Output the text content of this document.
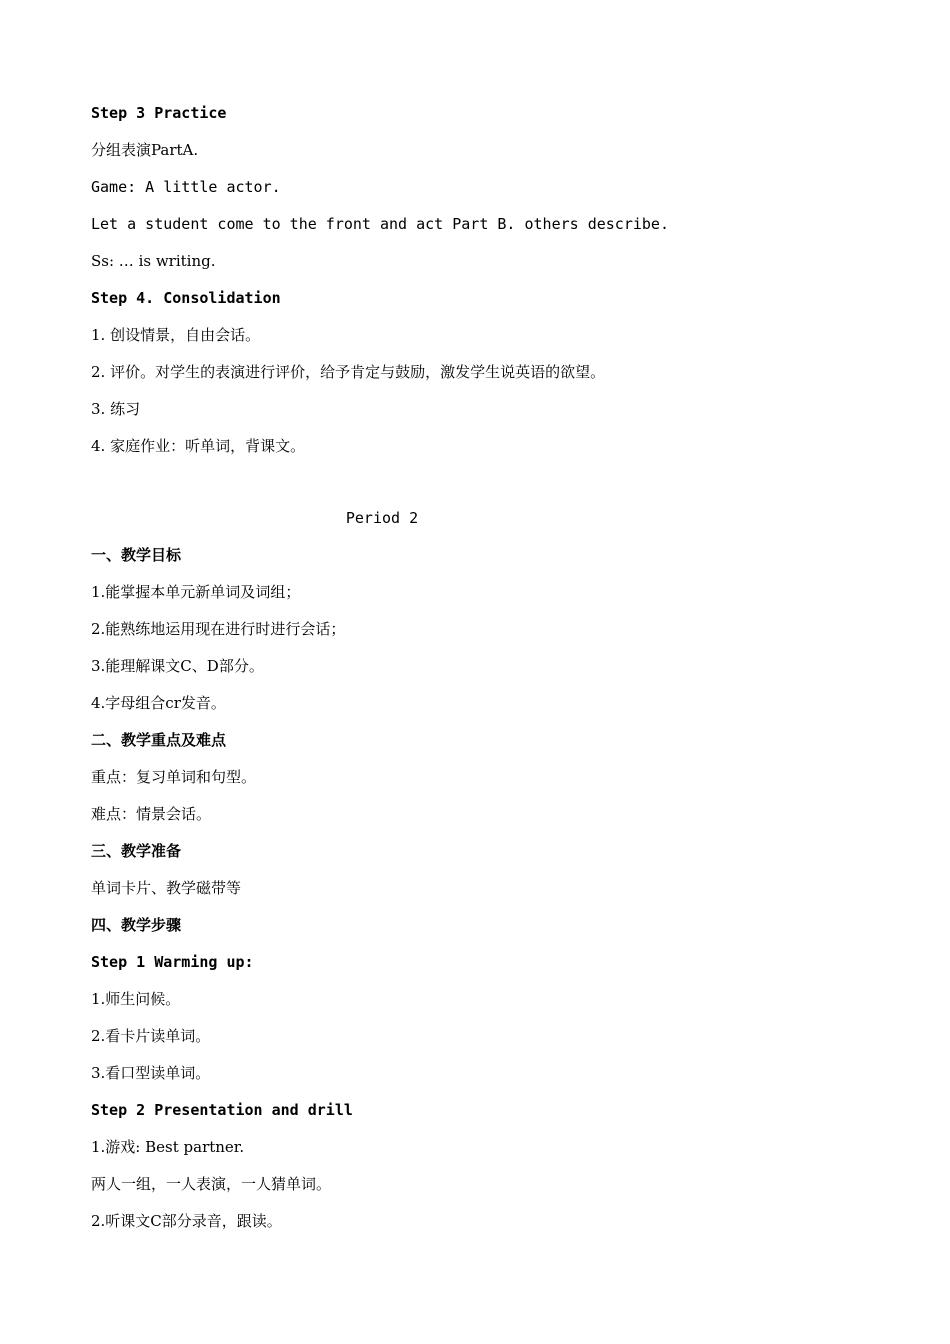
Step 3 Practice
分组表演PartA.
Game: A little actor.
Let a student come to the front and act Part B. others describe.
Ss: … is writing.
Step 4. Consolidation
1. 创设情景，自由会话。
2. 评价。对学生的表演进行评价，给予肯定与鼓励，激发学生说英语的欲望。
3. 练习
4. 家庭作业：听单词，背课文。
Period 2
一、教学目标
1.能掌握本单元新单词及词组；
2.能熟练地运用现在进行时进行会话；
3.能理解课文C、D部分。
4.字母组合cr发音。
二、教学重点及难点
重点：复习单词和句型。
难点：情景会话。
三、教学准备
单词卡片、教学磁带等
四、教学步骤
Step 1 Warming up:
1.师生问候。
2.看卡片读单词。
3.看口型读单词。
Step 2 Presentation and drill
1.游戏: Best partner.
两人一组，一人表演，一人猜单词。
2.听课文C部分录音，跟读。
